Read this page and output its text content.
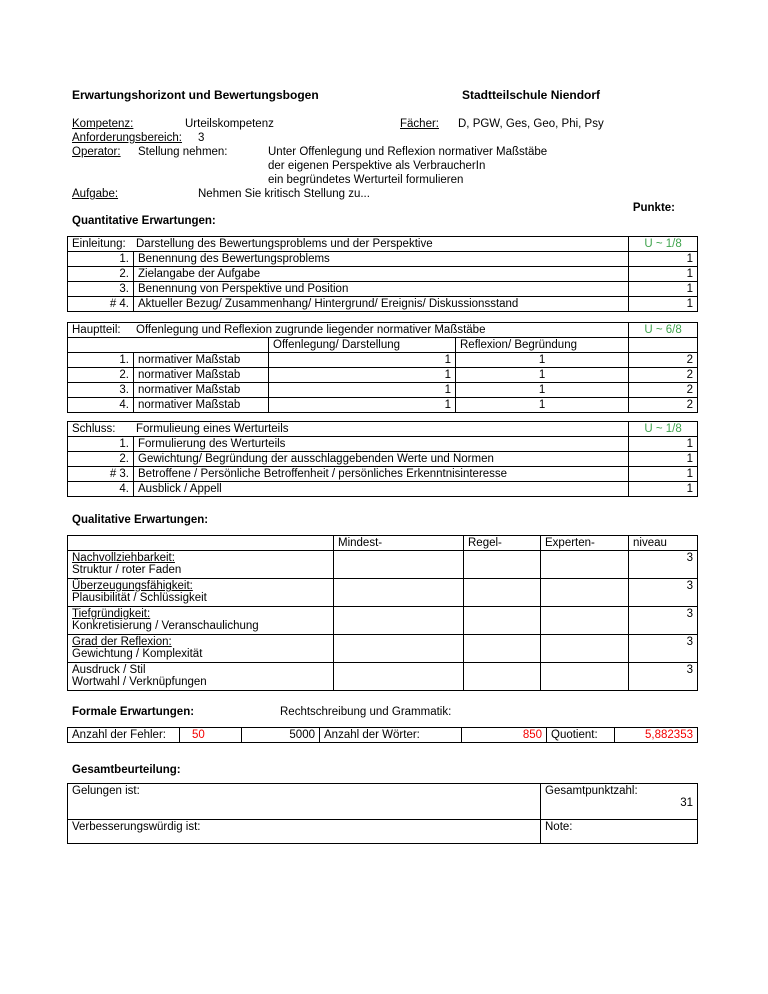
Erwartungshorizont und Bewertungsbogen	Stadtteilschule Niendorf
Kompetenz:	Urteilskompetenz	Fächer: D, PGW, Ges, Geo, Phi, Psy
Anforderungsbereich: 3
Operator: Stellung nehmen:	Unter Offenlegung und Reflexion normativer Maßstäbe
der eigenen Perspektive als VerbraucherIn
ein begründetes Werturteil formulieren
Aufgabe:	Nehmen Sie kritisch Stellung zu...
Punkte:
Quantitative Erwartungen:
Einleitung: Darstellung des Bewertungsproblems und der Perspektive		U ~ 1/8
1.	Benennung des Bewertungsproblems	1
2.	Zielangabe der Aufgabe	1
3.	Benennung von Perspektive und Position	1
# 4.	Aktueller Bezug/ Zusammenhang/ Hintergrund/ Ereignis/ Diskussionsstand	1
Hauptteil: Offenlegung und Reflexion zugrunde liegender normativer Maßstäbe				U ~ 6/8
		Offenlegung/ Darstellung	Reflexion/ Begründung	
1.	normativer Maßstab	1	1	2
2.	normativer Maßstab	1	1	2
3.	normativer Maßstab	1	1	2
4.	normativer Maßstab	1	1	2
Schluss: Formulieung eines Werturteils		U ~ 1/8
1.	Formulierung des Werturteils	1
2.	Gewichtung/ Begründung der ausschlaggebenden Werte und Normen	1
# 3.	Betroffene / Persönliche Betroffenheit / persönliches Erkenntnisinteresse	1
4.	Ausblick / Appell	1
Qualitative Erwartungen:
	Mindest-	Regel-	Experten-	niveau

Nachvollziehbarkeit:
Struktur / roter Faden				3

Überzeugungsfähigkeit:
Plausibilität / Schlüssigkeit				3

Tiefgründigkeit:
Konkretisierung / Veranschaulichung				3

Grad der Reflexion:
Gewichtung / Komplexität				3

Ausdruck / Stil
Wortwahl / Verknüpfungen				3
Formale Erwartungen:	Rechtschreibung und Grammatik:
Anzahl der Fehler:	50	5000	Anzahl der Wörter:	850	Quotient:	5,882353
Gesamtbeurteilung:
Gelungen ist:	Gesamtpunktzahl:
31

Verbesserungswürdig ist:	Note:
